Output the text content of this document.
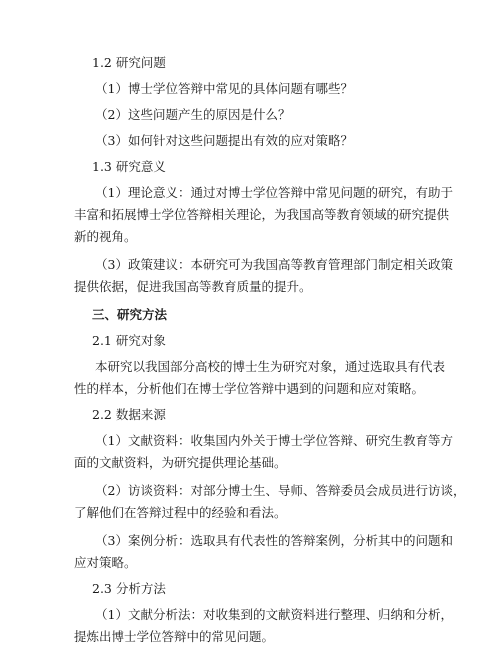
1.2 研究问题
（1）博士学位答辩中常见的具体问题有哪些？
（2）这些问题产生的原因是什么？
（3）如何针对这些问题提出有效的应对策略？
1.3 研究意义
（1）理论意义：通过对博士学位答辩中常见问题的研究，有助于
丰富和拓展博士学位答辩相关理论，为我国高等教育领域的研究提供
新的视角。
（3）政策建议：本研究可为我国高等教育管理部门制定相关政策
提供依据，促进我国高等教育质量的提升。
三、研究方法
2.1 研究对象
本研究以我国部分高校的博士生为研究对象，通过选取具有代表
性的样本，分析他们在博士学位答辩中遇到的问题和应对策略。
2.2 数据来源
（1）文献资料：收集国内外关于博士学位答辩、研究生教育等方
面的文献资料，为研究提供理论基础。
（2）访谈资料：对部分博士生、导师、答辩委员会成员进行访谈，
了解他们在答辩过程中的经验和看法。
（3）案例分析：选取具有代表性的答辩案例，分析其中的问题和
应对策略。
2.3 分析方法
（1）文献分析法：对收集到的文献资料进行整理、归纳和分析，
提炼出博士学位答辩中的常见问题。
